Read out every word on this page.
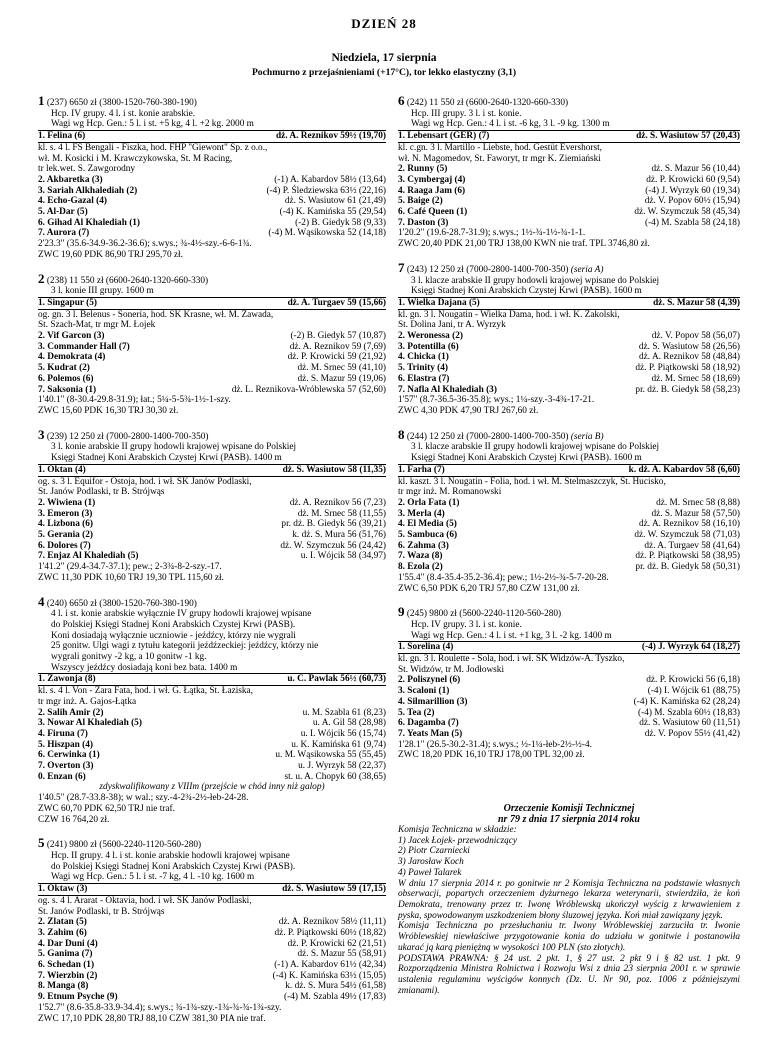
DZIEŃ 28
Niedziela, 17 sierpnia
Pochmurno z przejaśnieniami (+17°C), tor lekko elastyczny (3,1)
1 (237) 6650 zł (3800-1520-760-380-190)
Hcp. IV grupy. 4 l. i st. konie arabskie.
Wagi wg Hcp. Gen.: 5 l. i st. +5 kg, 4 l. +2 kg. 2000 m
1. Felina (6)	dż. A. Reznikov 59½ (19,70)
kl. s. 4 l. FS Bengali - Fiszka, hod. FHP "Giewont" Sp. z o.o.,
wł. M. Kosicki i M. Krawczykowska, St. M Racing,
tr lek.wet. S. Zawgorodny
2. Akbaretka (3)	(-1) A. Kabardov 58½ (13,64)
3. Sariah Alkhalediah (2)	(-4) P. Śledziewska 63½ (22,16)
4. Echo-Gazal (4)	dż. S. Wasiutow 61 (21,49)
5. Al-Dar (5)	(-4) K. Kamińska 55 (29,54)
6. Gihad Al Khalediah (1)	(-2) B. Giedyk 58 (9,33)
7. Aurora (7)	(-4) M. Wąsikowska 52 (14,18)
2'23.3" (35.6-34.9-36.2-36.6); s.wys.; ¾-4½-szy.-6-6-1¾.
ZWC 19,60 PDK 86,90 TRJ 295,70 zł.
2 (238) 11 550 zł (6600-2640-1320-660-330)
3 l. konie III grupy. 1600 m
1. Singapur (5)	dż. A. Turgaev 59 (15,66)
og. gn. 3 l. Belenus - Sonería, hod. SK Krasne, wł. M. Zawada,
St. Szach-Mat, tr mgr M. Łojek
2. Vif Garcon (3)	(-2) B. Giedyk 57 (10,87)
3. Commander Hall (7)	dż. A. Reznikov 59 (7,69)
4. Demokrata (4)	dż. P. Krowicki 59 (21,92)
5. Kudrat (2)	dż. M. Srnec 59 (41,10)
6. Polemos (6)	dż. S. Mazur 59 (19,06)
7. Saksonia (1)	dż. L. Reznikova-Wróblewska 57 (52,60)
1'40.1" (8-30.4-29.8-31.9); łat.; 5¼-5-5¾-1½-1-szy.
ZWC 15,60 PDK 16,30 TRJ 30,30 zł.
3 (239) 12 250 zł (7000-2800-1400-700-350)
3 l. konie arabskie II grupy hodowli krajowej wpisane do Polskiej
Księgi Stadnej Koni Arabskich Czystej Krwi (PASB). 1400 m
1. Oktan (4)	dż. S. Wasiutow 58 (11,35)
og. s. 3 l. Equifor - Ostoja, hod. i wł. SK Janów Podlaski,
St. Janów Podlaski, tr B. Strójwąs
2. Wiwiena (1)	dż. A. Reznikov 56 (7,23)
3. Emeron (3)	dż. M. Srnec 58 (11,55)
4. Lizbona (6)	pr. dż. B. Giedyk 56 (39,21)
5. Gerania (2)	k. dż. S. Mura 56 (51,76)
6. Dolores (7)	dż. W. Szymczuk 56 (24,42)
7. Enjaz Al Khalediah (5)	u. I. Wójcik 58 (34,97)
1'41.2" (29.4-34.7-37.1); pew.; 2-3¾-8-2-szy.-17.
ZWC 11,30 PDK 10,60 TRJ 19,30 TPL 115,60 zł.
4 (240) 6650 zł (3800-1520-760-380-190)
4 l. i st. konie arabskie wyłącznie IV grupy hodowli krajowej wpisane
do Polskiej Księgi Stadnej Koni Arabskich Czystej Krwi (PASB).
Koni dosiadają wyłącznie uczniowie - jeźdźcy, którzy nie wygrali
25 gonitw. Ulgi wagi z tytułu kategorii jeźdźzeckiej: jeźdźcy, którzy nie
wygrali gonitwy -2 kg, a 10 gonitw -1 kg.
Wszyscy jeźdźcy dosiadają koni bez bata. 1400 m
1. Zawonja (8)	u. C. Pawlak 56½ (60,73)
kl. s. 4 l. Von - Zara Fata, hod. i wł. G. Łątka, St. Łaziska,
tr mgr inż. A. Gajos-Łątka
2. Salih Amir (2)	u. M. Szabla 61 (8,23)
3. Nowar Al Khalediah (5)	u. A. Gil 58 (28,98)
4. Firuna (7)	u. I. Wójcik 56 (15,74)
5. Hiszpan (4)	u. K. Kamińska 61 (9,74)
6. Cerwinka (1)	u. M. Wąsikowska 55 (55,45)
7. Overton (3)	u. J. Wyrzyk 58 (22,37)
0. Enzan (6)	st. u. A. Chopyk 60 (38,65)
zdyskwalifikowany z VIIIm (przejście w chód inny niż galop)
1'40.5" (28.7-33.8-38); w wal.; szy.-4-2¾-2½-łeb-24-28.
ZWC 60,70 PDK 62,50 TRJ nie traf.
CZW 16 764,20 zł.
5 (241) 9800 zł (5600-2240-1120-560-280)
Hcp. II grupy. 4 l. i st. konie arabskie hodowli krajowej wpisane
do Polskiej Księgi Stadnej Koni Arabskich Czystej Krwi (PASB).
Wagi wg Hcp. Gen.: 5 l. i st. -7 kg, 4 l. -10 kg. 1600 m
1. Oktaw (3)	dż. S. Wasiutow 59 (17,15)
og. s. 4 l. Ararat - Oktavia, hod. i wł. SK Janów Podlaski,
St. Janów Podlaski, tr B. Strójwąs
2. Zlatan (5)	dż. A. Reznikov 58½ (11,11)
3. Zahim (6)	dż. P. Piątkowski 60½ (18,82)
4. Dar Duni (4)	dż. P. Krowicki 62 (21,51)
5. Ganima (7)	dż. S. Mazur 55 (58,91)
6. Schedan (1)	(-1) A. Kabardov 61½ (42,34)
7. Wierzbin (2)	(-4) K. Kamińska 63½ (15,05)
8. Manga (8)	k. dż. S. Mura 54½ (61,58)
9. Etnum Psyche (9)	(-4) M. Szabla 49½ (17,83)
1'52.7" (8.6-35.8-33.9-34.4); s.wys.; ¾-1¾-szy.-1¾-¾-¾-1¾-szy.
ZWC 17,10 PDK 28,80 TRJ 88,10 CZW 381,30 PIA nie traf.
6 (242) 11 550 zł (6600-2640-1320-660-330)
Hcp. III grupy. 3 l. i st. konie.
Wagi wg Hcp. Gen.: 4 l. i st. -6 kg, 3 l. -9 kg. 1300 m
1. Lebensart (GER) (7)	dż. S. Wasiutow 57 (20,43)
kl. c.gn. 3 l. Martillo - Liebste, hod. Gestüt Evershorst,
wł. N. Magomedov, St. Faworyt, tr mgr K. Ziemiański
2. Runny (5)	dż. S. Mazur 56 (10,44)
3. Cymbergaj (4)	dż. P. Krowicki 60 (9,54)
4. Raaga Jam (6)	(-4) J. Wyrzyk 60 (19,34)
5. Baige (2)	dż. V. Popov 60½ (15,94)
6. Café Queen (1)	dż. W. Szymczuk 58 (45,34)
7. Daston (3)	(-4) M. Szabla 58 (24,18)
1'20.2" (19.6-28.7-31.9); s.wys.; 1½-¾-1½-¾-1-1.
ZWC 20,40 PDK 21,00 TRJ 138,00 KWN nie traf. TPL 3746,80 zł.
7 (243) 12 250 zł (7000-2800-1400-700-350) (seria A)
3 l. klacze arabskie II grupy hodowli krajowej wpisane do Polskiej
Księgi Stadnej Koni Arabskich Czystej Krwi (PASB). 1600 m
1. Wielka Dajana (5)	dż. S. Mazur 58 (4,39)
kl. gn. 3 l. Nougatin - Wielka Dama, hod. i wł. K. Zakolski,
St. Dolina Jani, tr A. Wyrzyk
2. Weronessa (2)	dż. V. Popov 58 (56,07)
3. Potentilla (6)	dż. S. Wasiutow 58 (26,56)
4. Chicka (1)	dż. A. Reznikov 58 (48,84)
5. Trinity (4)	dż. P. Piątkowski 58 (18,92)
6. Elastra (7)	dż. M. Srnec 58 (18,69)
7. Nafla Al Khalediah (3)	pr. dż. B. Giedyk 58 (58,23)
1'57" (8.7-36.5-36-35.8); wys.; 1¼-szy.-3-4¾-17-21.
ZWC 4,30 PDK 47,90 TRJ 267,60 zł.
8 (244) 12 250 zł (7000-2800-1400-700-350) (seria B)
3 l. klacze arabskie II grupy hodowli krajowej wpisane do Polskiej
Księgi Stadnej Koni Arabskich Czystej Krwi (PASB). 1600 m
1. Farha (7)	k. dż. A. Kabardov 58 (6,60)
kl. kaszt. 3 l. Nougatin - Folia, hod. i wł. M. Stelmaszczyk, St. Hucisko,
tr mgr inż. M. Romanowski
2. Orla Fata (1)	dż. M. Srnec 58 (8,88)
3. Merla (4)	dż. S. Mazur 58 (57,50)
4. El Media (5)	dż. A. Reznikov 58 (16,10)
5. Sambuca (6)	dż. W. Szymczuk 58 (71,03)
6. Zahma (3)	dż. A. Turgaev 58 (41,64)
7. Waza (8)	dż. P. Piątkowski 58 (38,95)
8. Ezola (2)	pr. dż. B. Giedyk 58 (50,31)
1'55.4" (8.4-35.4-35.2-36.4); pew.; 1½-2½-¾-5-7-20-28.
ZWC 6,50 PDK 6,20 TRJ 57,80 CZW 131,00 zł.
9 (245) 9800 zł (5600-2240-1120-560-280)
Hcp. IV grupy. 3 l. i st. konie.
Wagi wg Hcp. Gen.: 4 l. i st. +1 kg, 3 l. -2 kg. 1400 m
1. Sorelina (4)	(-4) J. Wyrzyk 64 (18,27)
kl. gn. 3 l. Roulette - Sola, hod. i wł. SK Widzów-A. Tyszko,
St. Widzów, tr M. Jodłowski
2. Poliszynel (6)	dż. P. Krowicki 56 (6,18)
3. Scaloni (1)	(-4) I. Wójcik 61 (88,75)
4. Silmarillion (3)	(-4) K. Kamińska 62 (28,24)
5. Tea (2)	(-4) M. Szabla 60½ (18,83)
6. Dagamba (7)	dż. S. Wasiutow 60 (11,51)
7. Yeats Man (5)	dż. V. Popov 55½ (41,42)
1'28.1" (26.5-30.2-31.4); s.wys.; ½-1¼-łeb-2½-½-4.
ZWC 18,20 PDK 16,10 TRJ 178,00 TPL 32,00 zł.
Orzeczenie Komisji Technicznej
nr 79 z dnia 17 sierpnia 2014 roku
Komisja Techniczna w składzie:
1) Jacek Łojek- przewodniczący
2) Piotr Czarniecki
3) Jarosław Koch
4) Paweł Talarek
W dniu 17 sierpnia 2014 r. po gonitwie nr 2 Komisja Techniczna na podstawie własnych obserwacji, popartych orzeczeniem dyżurnego lekarza weterynarii, stwierdziła, że koń Demokrata, trenowany przez tr. Iwonę Wróblewską ukończył wyścig z krwawieniem z pyska, spowodowanym uszkodzeniem błony śluzowej języka. Koń miał zawiązany język.
Komisja Techniczna po przesłuchaniu tr. Iwony Wróblewskiej zarzuciła tr. Iwonie Wróblewskiej niewłaściwe przygotowanie konia do udziału w gonitwie i postanowiła ukarać ją karą pieniężną w wysokości 100 PLN (sto złotych).
PODSTAWA PRAWNA: § 24 ust. 2 pkt. 1, § 27 ust. 2 pkt 9 i § 82 ust. 1 pkt. 9 Rozporządzenia Ministra Rolnictwa i Rozwoju Wsi z dnia 23 sierpnia 2001 r. w sprawie ustalenia regulaminu wyścigów konnych (Dz. U. Nr 90, poz. 1006 z późniejszymi zmianami).
